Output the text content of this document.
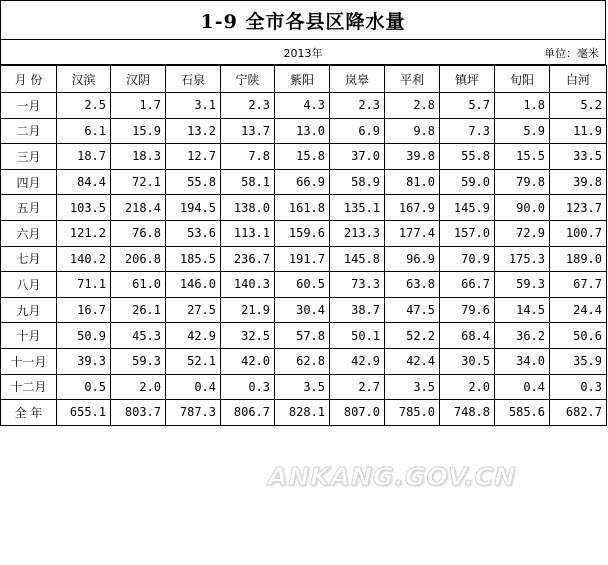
1-9 全市各县区降水量
2013年	单位：毫米
月 份	汉滨	汉阴	石泉	宁陕	紫阳	岚皋	平利	镇坪	旬阳	白河
一月	2.5	1.7	3.1	2.3	4.3	2.3	2.8	5.7	1.8	5.2
二月	6.1	15.9	13.2	13.7	13.0	6.9	9.8	7.3	5.9	11.9
三月	18.7	18.3	12.7	7.8	15.8	37.0	39.8	55.8	15.5	33.5
四月	84.4	72.1	55.8	58.1	66.9	58.9	81.0	59.0	79.8	39.8
五月	103.5	218.4	194.5	138.0	161.8	135.1	167.9	145.9	90.0	123.7
六月	121.2	76.8	53.6	113.1	159.6	213.3	177.4	157.0	72.9	100.7
七月	140.2	206.8	185.5	236.7	191.7	145.8	96.9	70.9	175.3	189.0
八月	71.1	61.0	146.0	140.3	60.5	73.3	63.8	66.7	59.3	67.7
九月	16.7	26.1	27.5	21.9	30.4	38.7	47.5	79.6	14.5	24.4
十月	50.9	45.3	42.9	32.5	57.8	50.1	52.2	68.4	36.2	50.6
十一月	39.3	59.3	52.1	42.0	62.8	42.9	42.4	30.5	34.0	35.9
十二月	0.5	2.0	0.4	0.3	3.5	2.7	3.5	2.0	0.4	0.3
全 年	655.1	803.7	787.3	806.7	828.1	807.0	785.0	748.8	585.6	682.7
ANKANG.GOV.CN
